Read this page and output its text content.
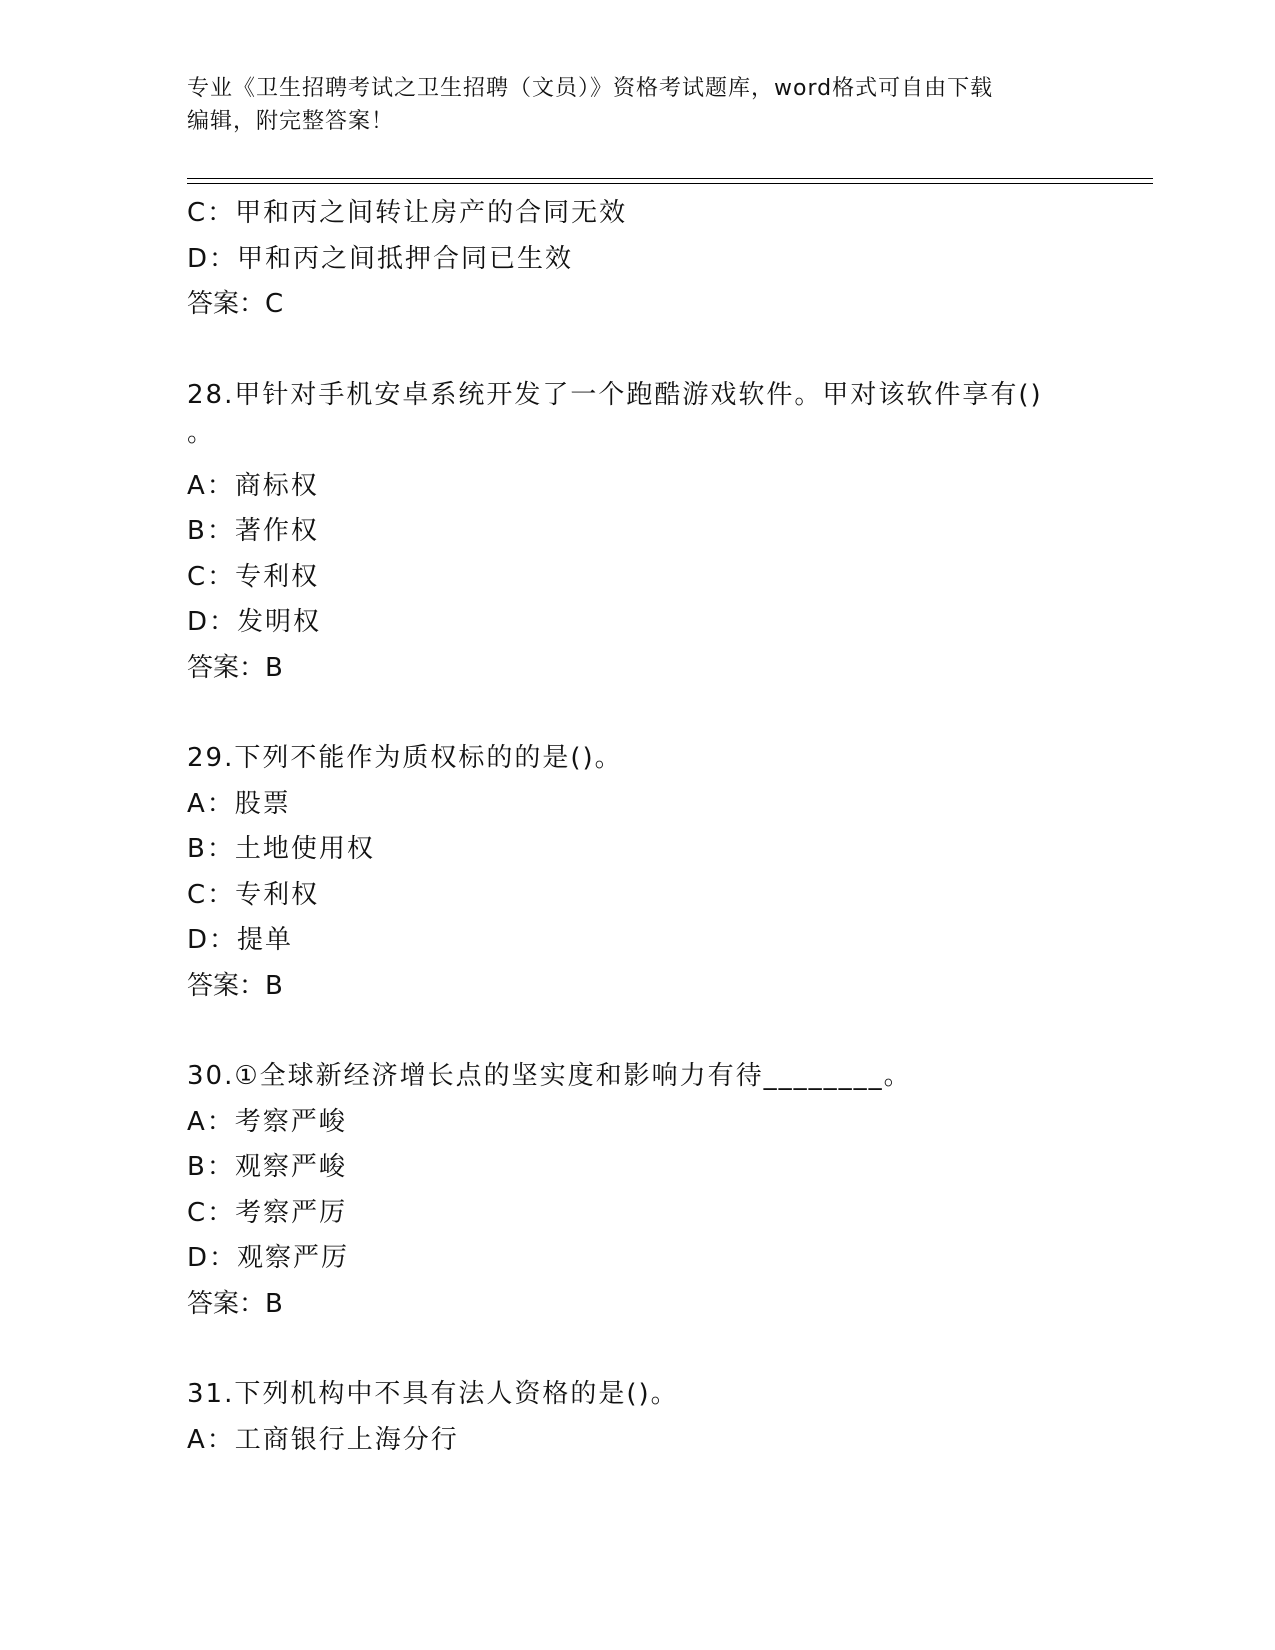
专业《卫生招聘考试之卫生招聘（文员）》资格考试题库，word格式可自由下载
编辑，附完整答案！
C：甲和丙之间转让房产的合同无效
D：甲和丙之间抵押合同已生效
答案：C
28.甲针对手机安卓系统开发了一个跑酷游戏软件。甲对该软件享有()
。
A：商标权
B：著作权
C：专利权
D：发明权
答案：B
29.下列不能作为质权标的的是()。
A：股票
B：土地使用权
C：专利权
D：提单
答案：B
30.①全球新经济增长点的坚实度和影响力有待________。
A：考察严峻
B：观察严峻
C：考察严厉
D：观察严厉
答案：B
31.下列机构中不具有法人资格的是()。
A：工商银行上海分行
